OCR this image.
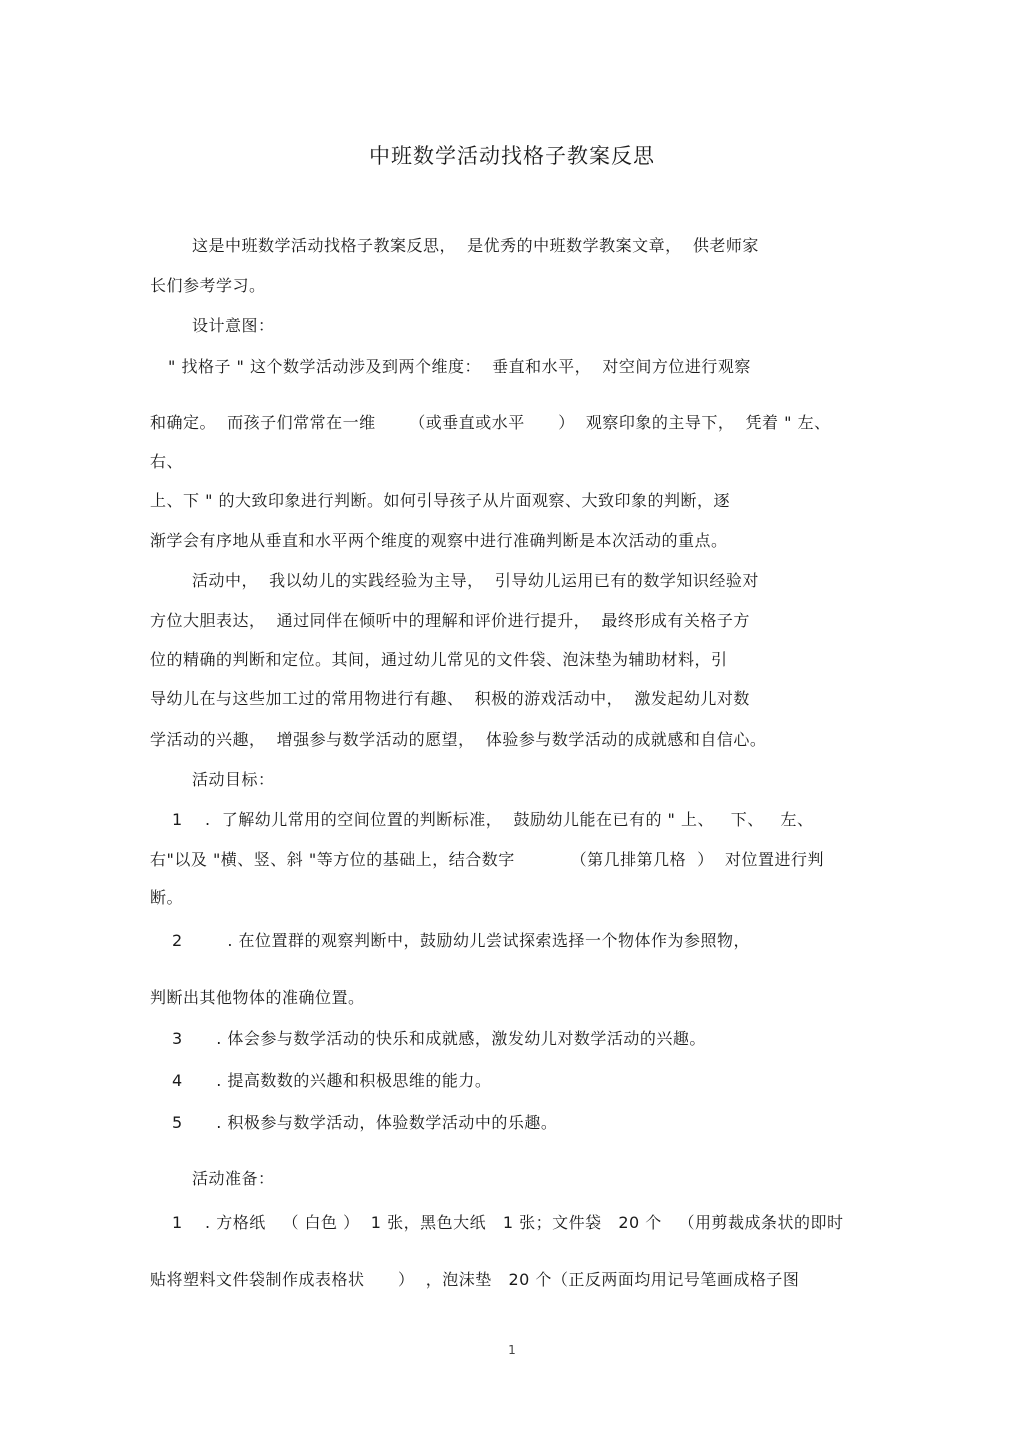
中班数学活动找格子教案反思

这是中班数学活动找格子教案反思，  是优秀的中班数学教案文章，  供老师家

长们参考学习。

设计意图：

" 找格子 " 这个数学活动涉及到两个维度：  垂直和水平，  对空间方位进行观察

和确定。  而孩子们常常在一维      （或垂直或水平      ）  观察印象的主导下，  凭着 " 左、

右、

上、下 " 的大致印象进行判断。如何引导孩子从片面观察、大致印象的判断，逐

渐学会有序地从垂直和水平两个维度的观察中进行准确判断是本次活动的重点。

活动中，  我以幼儿的实践经验为主导，  引导幼儿运用已有的数学知识经验对

方位大胆表达，  通过同伴在倾听中的理解和评价进行提升，  最终形成有关格子方

位的精确的判断和定位。其间，通过幼儿常见的文件袋、泡沫垫为辅助材料，引

导幼儿在与这些加工过的常用物进行有趣、  积极的游戏活动中，  激发起幼儿对数

学活动的兴趣，  增强参与数学活动的愿望，  体验参与数学活动的成就感和自信心。

活动目标：

1    .  了解幼儿常用的空间位置的判断标准，  鼓励幼儿能在已有的 " 上、   下、   左、

右"以及 "横、竖、斜 "等方位的基础上，结合数字          （第几排第几格  ）  对位置进行判

断。

2        . 在位置群的观察判断中，鼓励幼儿尝试探索选择一个物体作为参照物，

判断出其他物体的准确位置。

3      . 体会参与数学活动的快乐和成就感，激发幼儿对数学活动的兴趣。

4      . 提高数数的兴趣和积极思维的能力。

5      . 积极参与数学活动，体验数学活动中的乐趣。

活动准备：

1    . 方格纸   （ 白色 ）  1 张，黑色大纸   1 张；文件袋   20 个   （用剪裁成条状的即时

贴将塑料文件袋制作成表格状      ）  ，泡沫垫   20 个（正反两面均用记号笔画成格子图

1
